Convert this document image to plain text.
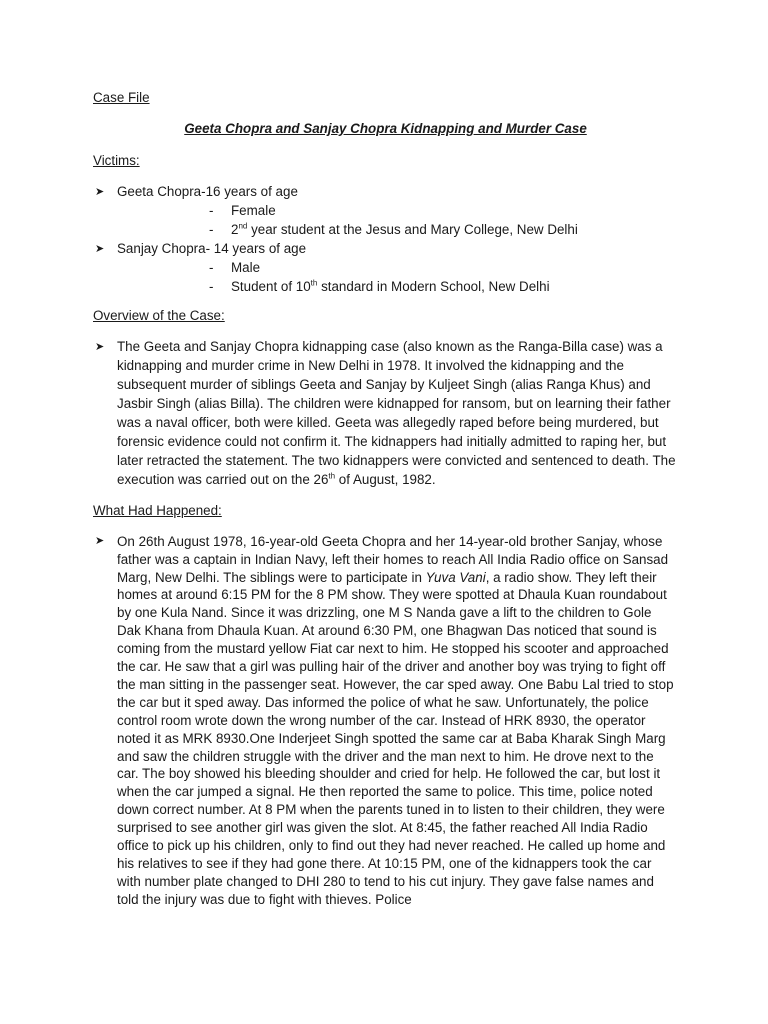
Case File
Geeta Chopra and Sanjay Chopra Kidnapping and Murder Case
Victims:
➤ Geeta Chopra-16 years of age
- Female
- 2nd year student at the Jesus and Mary College, New Delhi
➤ Sanjay Chopra- 14 years of age
- Male
- Student of 10th standard in Modern School, New Delhi
Overview of the Case:
➤ The Geeta and Sanjay Chopra kidnapping case (also known as the Ranga-Billa case) was a kidnapping and murder crime in New Delhi in 1978. It involved the kidnapping and the subsequent murder of siblings Geeta and Sanjay by Kuljeet Singh (alias Ranga Khus) and Jasbir Singh (alias Billa). The children were kidnapped for ransom, but on learning their father was a naval officer, both were killed. Geeta was allegedly raped before being murdered, but forensic evidence could not confirm it. The kidnappers had initially admitted to raping her, but later retracted the statement. The two kidnappers were convicted and sentenced to death. The execution was carried out on the 26th of August, 1982.

What Had Happened:
➤ On 26th August 1978, 16-year-old Geeta Chopra and her 14-year-old brother Sanjay, whose father was a captain in Indian Navy, left their homes to reach All India Radio office on Sansad Marg, New Delhi. The siblings were to participate in Yuva Vani, a radio show. They left their homes at around 6:15 PM for the 8 PM show. They were spotted at Dhaula Kuan roundabout by one Kula Nand. Since it was drizzling, one M S Nanda gave a lift to the children to Gole Dak Khana from Dhaula Kuan. At around 6:30 PM, one Bhagwan Das noticed that sound is coming from the mustard yellow Fiat car next to him. He stopped his scooter and approached the car. He saw that a girl was pulling hair of the driver and another boy was trying to fight off the man sitting in the passenger seat. However, the car sped away. One Babu Lal tried to stop the car but it sped away. Das informed the police of what he saw. Unfortunately, the police control room wrote down the wrong number of the car. Instead of HRK 8930, the operator noted it as MRK 8930.One Inderjeet Singh spotted the same car at Baba Kharak Singh Marg and saw the children struggle with the driver and the man next to him. He drove next to the car. The boy showed his bleeding shoulder and cried for help. He followed the car, but lost it when the car jumped a signal. He then reported the same to police. This time, police noted down correct number. At 8 PM when the parents tuned in to listen to their children, they were surprised to see another girl was given the slot. At 8:45, the father reached All India Radio office to pick up his children, only to find out they had never reached. He called up home and his relatives to see if they had gone there. At 10:15 PM, one of the kidnappers took the car with number plate changed to DHI 280 to tend to his cut injury. They gave false names and told the injury was due to fight with thieves. Police
